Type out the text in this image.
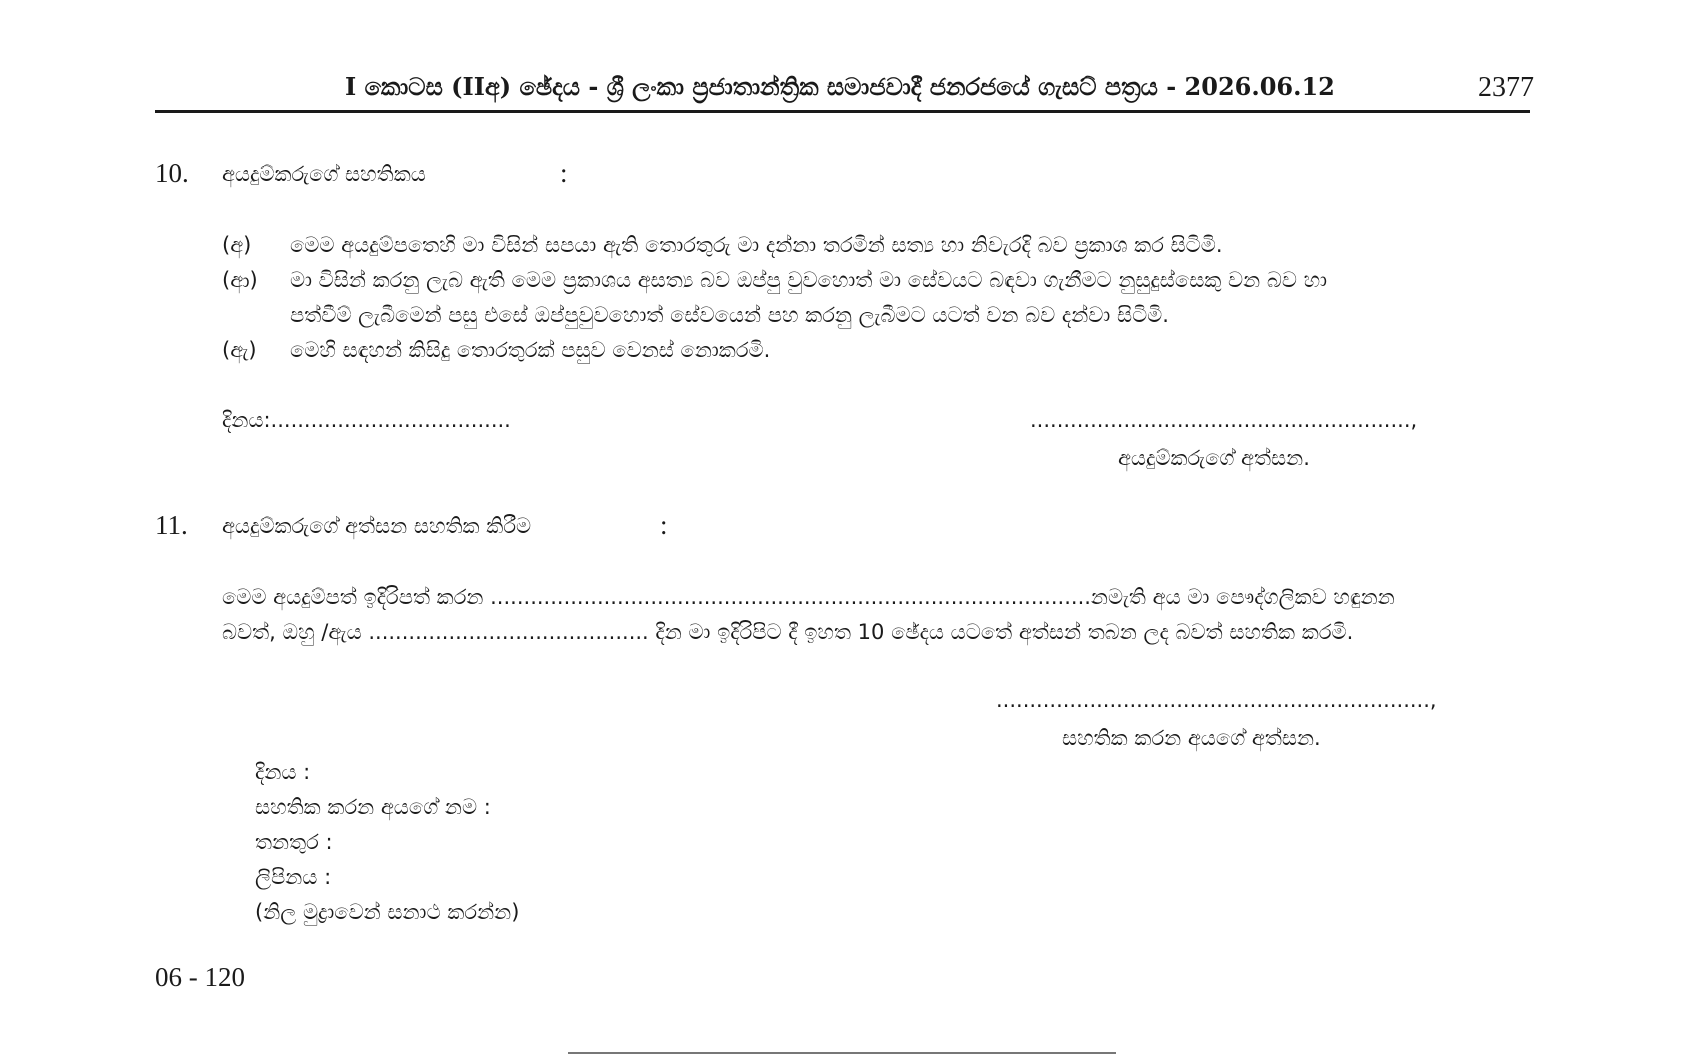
I කොටස (IIඅ) ඡේදය - ශ්‍රී ලංකා ප්‍රජාතාන්ත්‍රික සමාජවාදී ජනරජයේ ගැසට් පත්‍රය - 2026.06.12	2377
10. අයදුම්කරුගේ සහතිකය	:
(අ) මෙම අයදුම්පතෙහි මා විසින් සපයා ඇති තොරතුරු මා දන්නා තරමින් සත්‍ය හා නිවැරදි බව ප්‍රකාශ කර සිටිමි.
(ආ) මා විසින් කරනු ලැබ ඇති මෙම ප්‍රකාශය අසත්‍ය බව ඔප්පු වුවහොත් මා සේවයට බඳවා ගැනීමට නුසුදුස්සෙකු වන බව හා
පත්වීම් ලැබීමෙන් පසු එසේ ඔප්පුවුවහොත් සේවයෙන් පහ කරනු ලැබීමට යටත් වන බව දන්වා සිටිමි.
(ඇ) මෙහි සඳහන් කිසිදු තොරතුරක් පසුව වෙනස් නොකරමි.
දිනය:....................................	.........................................................,
අයදුම්කරුගේ අත්සන.
11. අයදුම්කරුගේ අත්සන සහතික කිරීම	:
මෙම අයදුම්පත් ඉදිරිපත් කරන ..........................................................................................නමැති අය මා පෞද්ගලිකව හඳුනන
බවත්, ඔහු /ඇය .......................................... දින මා ඉදිරිපිට දී ඉහත 10 ඡේදය යටතේ අත්සන් තබන ලද බවත් සහතික කරමි.
.................................................................,
සහතික කරන අයගේ අත්සන.
දිනය :
සහතික කරන අයගේ නම :
තනතුර :
ලිපිනය :
(නිල මුද්‍රාවෙන් සනාථ කරන්න)
06 - 120
